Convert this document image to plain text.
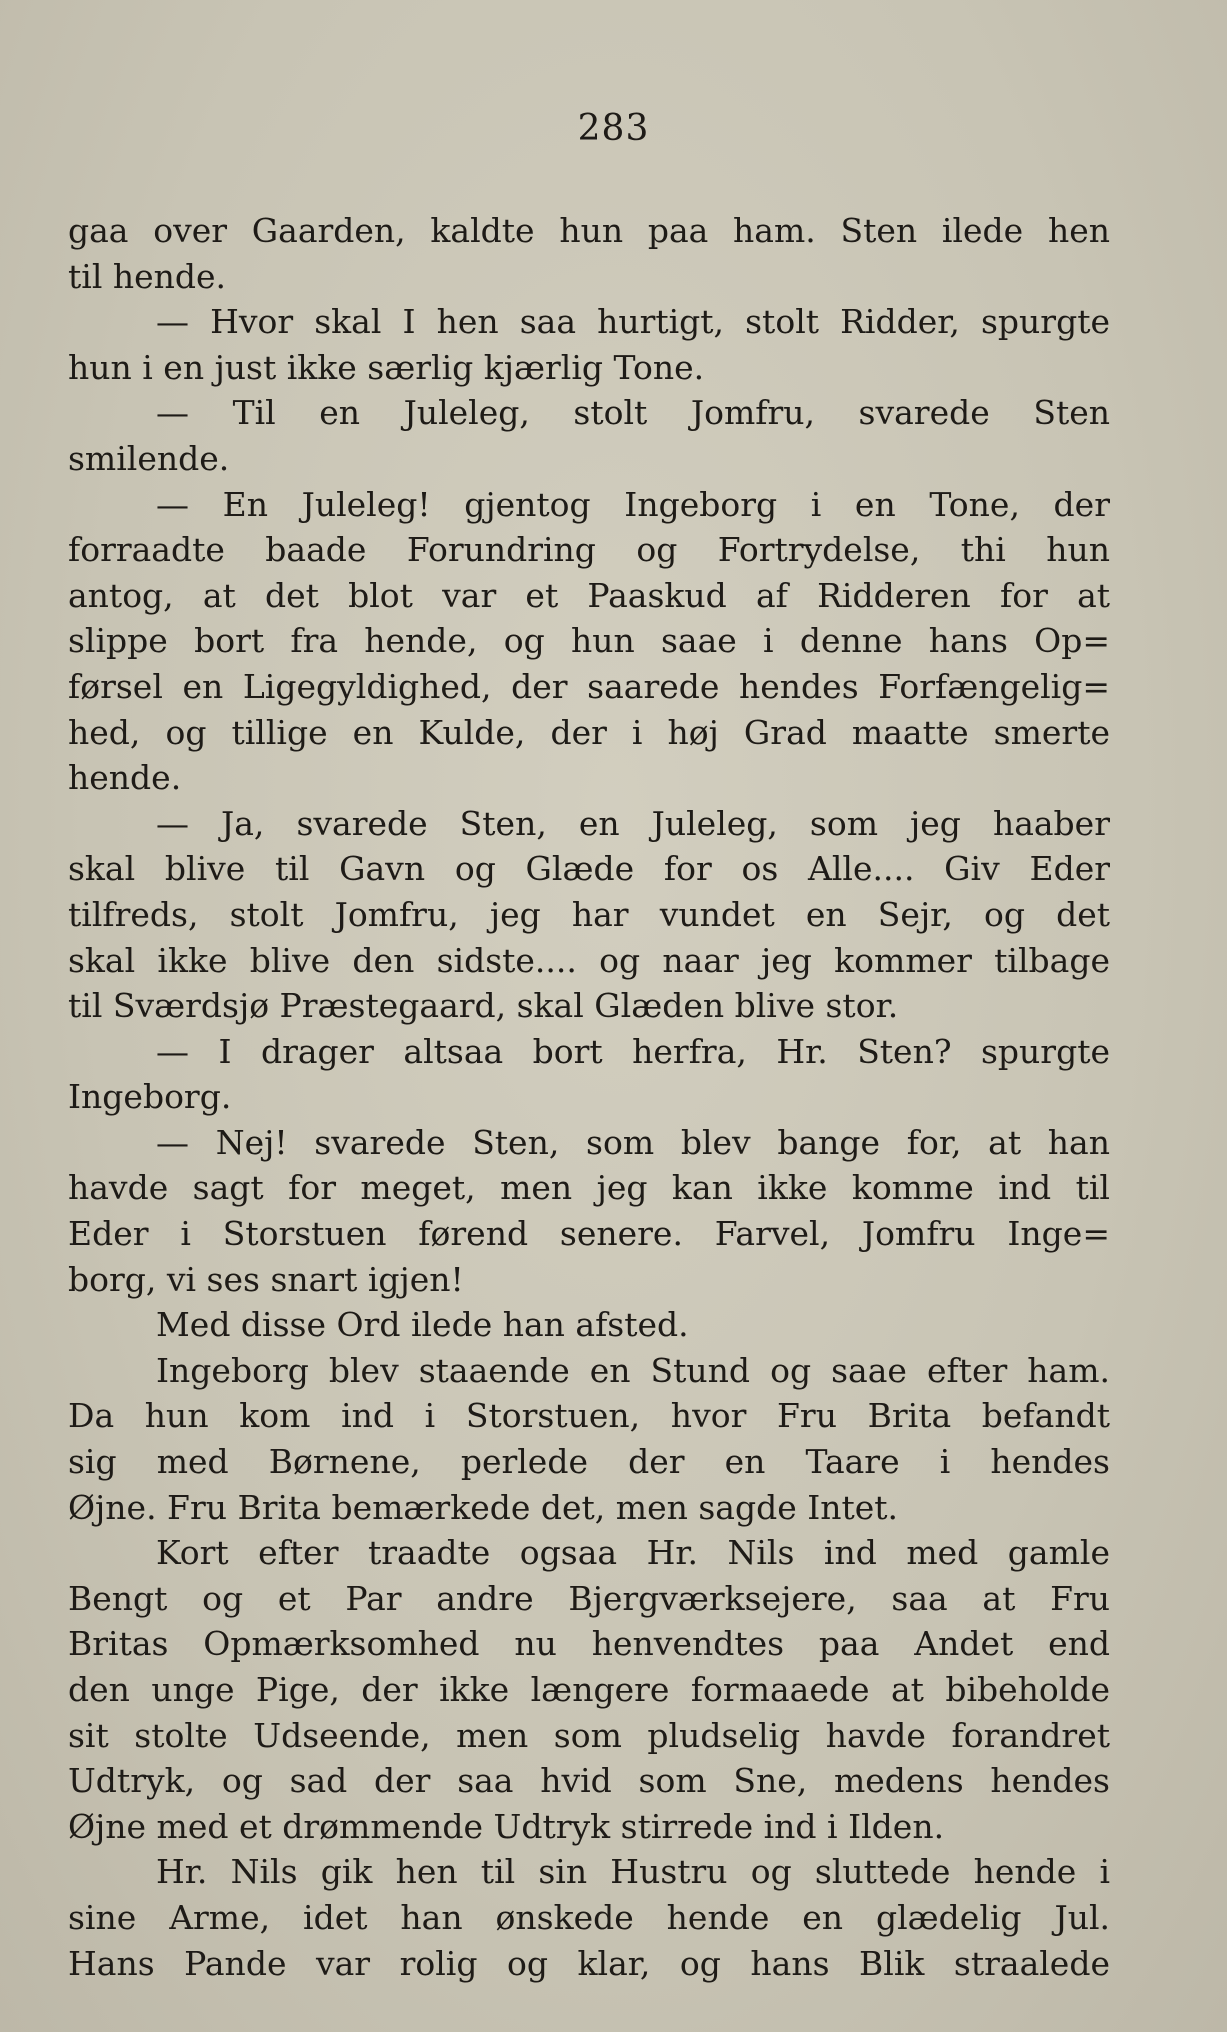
283
gaa over Gaarden, kaldte hun paa ham. Sten ilede hen
til hende.
— Hvor skal I hen saa hurtigt, stolt Ridder, spurgte
hun i en just ikke særlig kjærlig Tone.
— Til en Juleleg, stolt Jomfru, svarede Sten
smilende.
— En Juleleg! gjentog Ingeborg i en Tone, der
forraadte baade Forundring og Fortrydelse, thi hun
antog, at det blot var et Paaskud af Ridderen for at
slippe bort fra hende, og hun saae i denne hans Op=
førsel en Ligegyldighed, der saarede hendes Forfængelig=
hed, og tillige en Kulde, der i høj Grad maatte smerte
hende.
— Ja, svarede Sten, en Juleleg, som jeg haaber
skal blive til Gavn og Glæde for os Alle.... Giv Eder
tilfreds, stolt Jomfru, jeg har vundet en Sejr, og det
skal ikke blive den sidste.... og naar jeg kommer tilbage
til Sværdsjø Præstegaard, skal Glæden blive stor.
— I drager altsaa bort herfra, Hr. Sten? spurgte
Ingeborg.
— Nej! svarede Sten, som blev bange for, at han
havde sagt for meget, men jeg kan ikke komme ind til
Eder i Storstuen førend senere. Farvel, Jomfru Inge=
borg, vi ses snart igjen!
Med disse Ord ilede han afsted.
Ingeborg blev staaende en Stund og saae efter ham.
Da hun kom ind i Storstuen, hvor Fru Brita befandt
sig med Børnene, perlede der en Taare i hendes
Øjne. Fru Brita bemærkede det, men sagde Intet.
Kort efter traadte ogsaa Hr. Nils ind med gamle
Bengt og et Par andre Bjergværksejere, saa at Fru
Britas Opmærksomhed nu henvendtes paa Andet end
den unge Pige, der ikke længere formaaede at bibeholde
sit stolte Udseende, men som pludselig havde forandret
Udtryk, og sad der saa hvid som Sne, medens hendes
Øjne med et drømmende Udtryk stirrede ind i Ilden.
Hr. Nils gik hen til sin Hustru og sluttede hende i
sine Arme, idet han ønskede hende en glædelig Jul.
Hans Pande var rolig og klar, og hans Blik straalede
